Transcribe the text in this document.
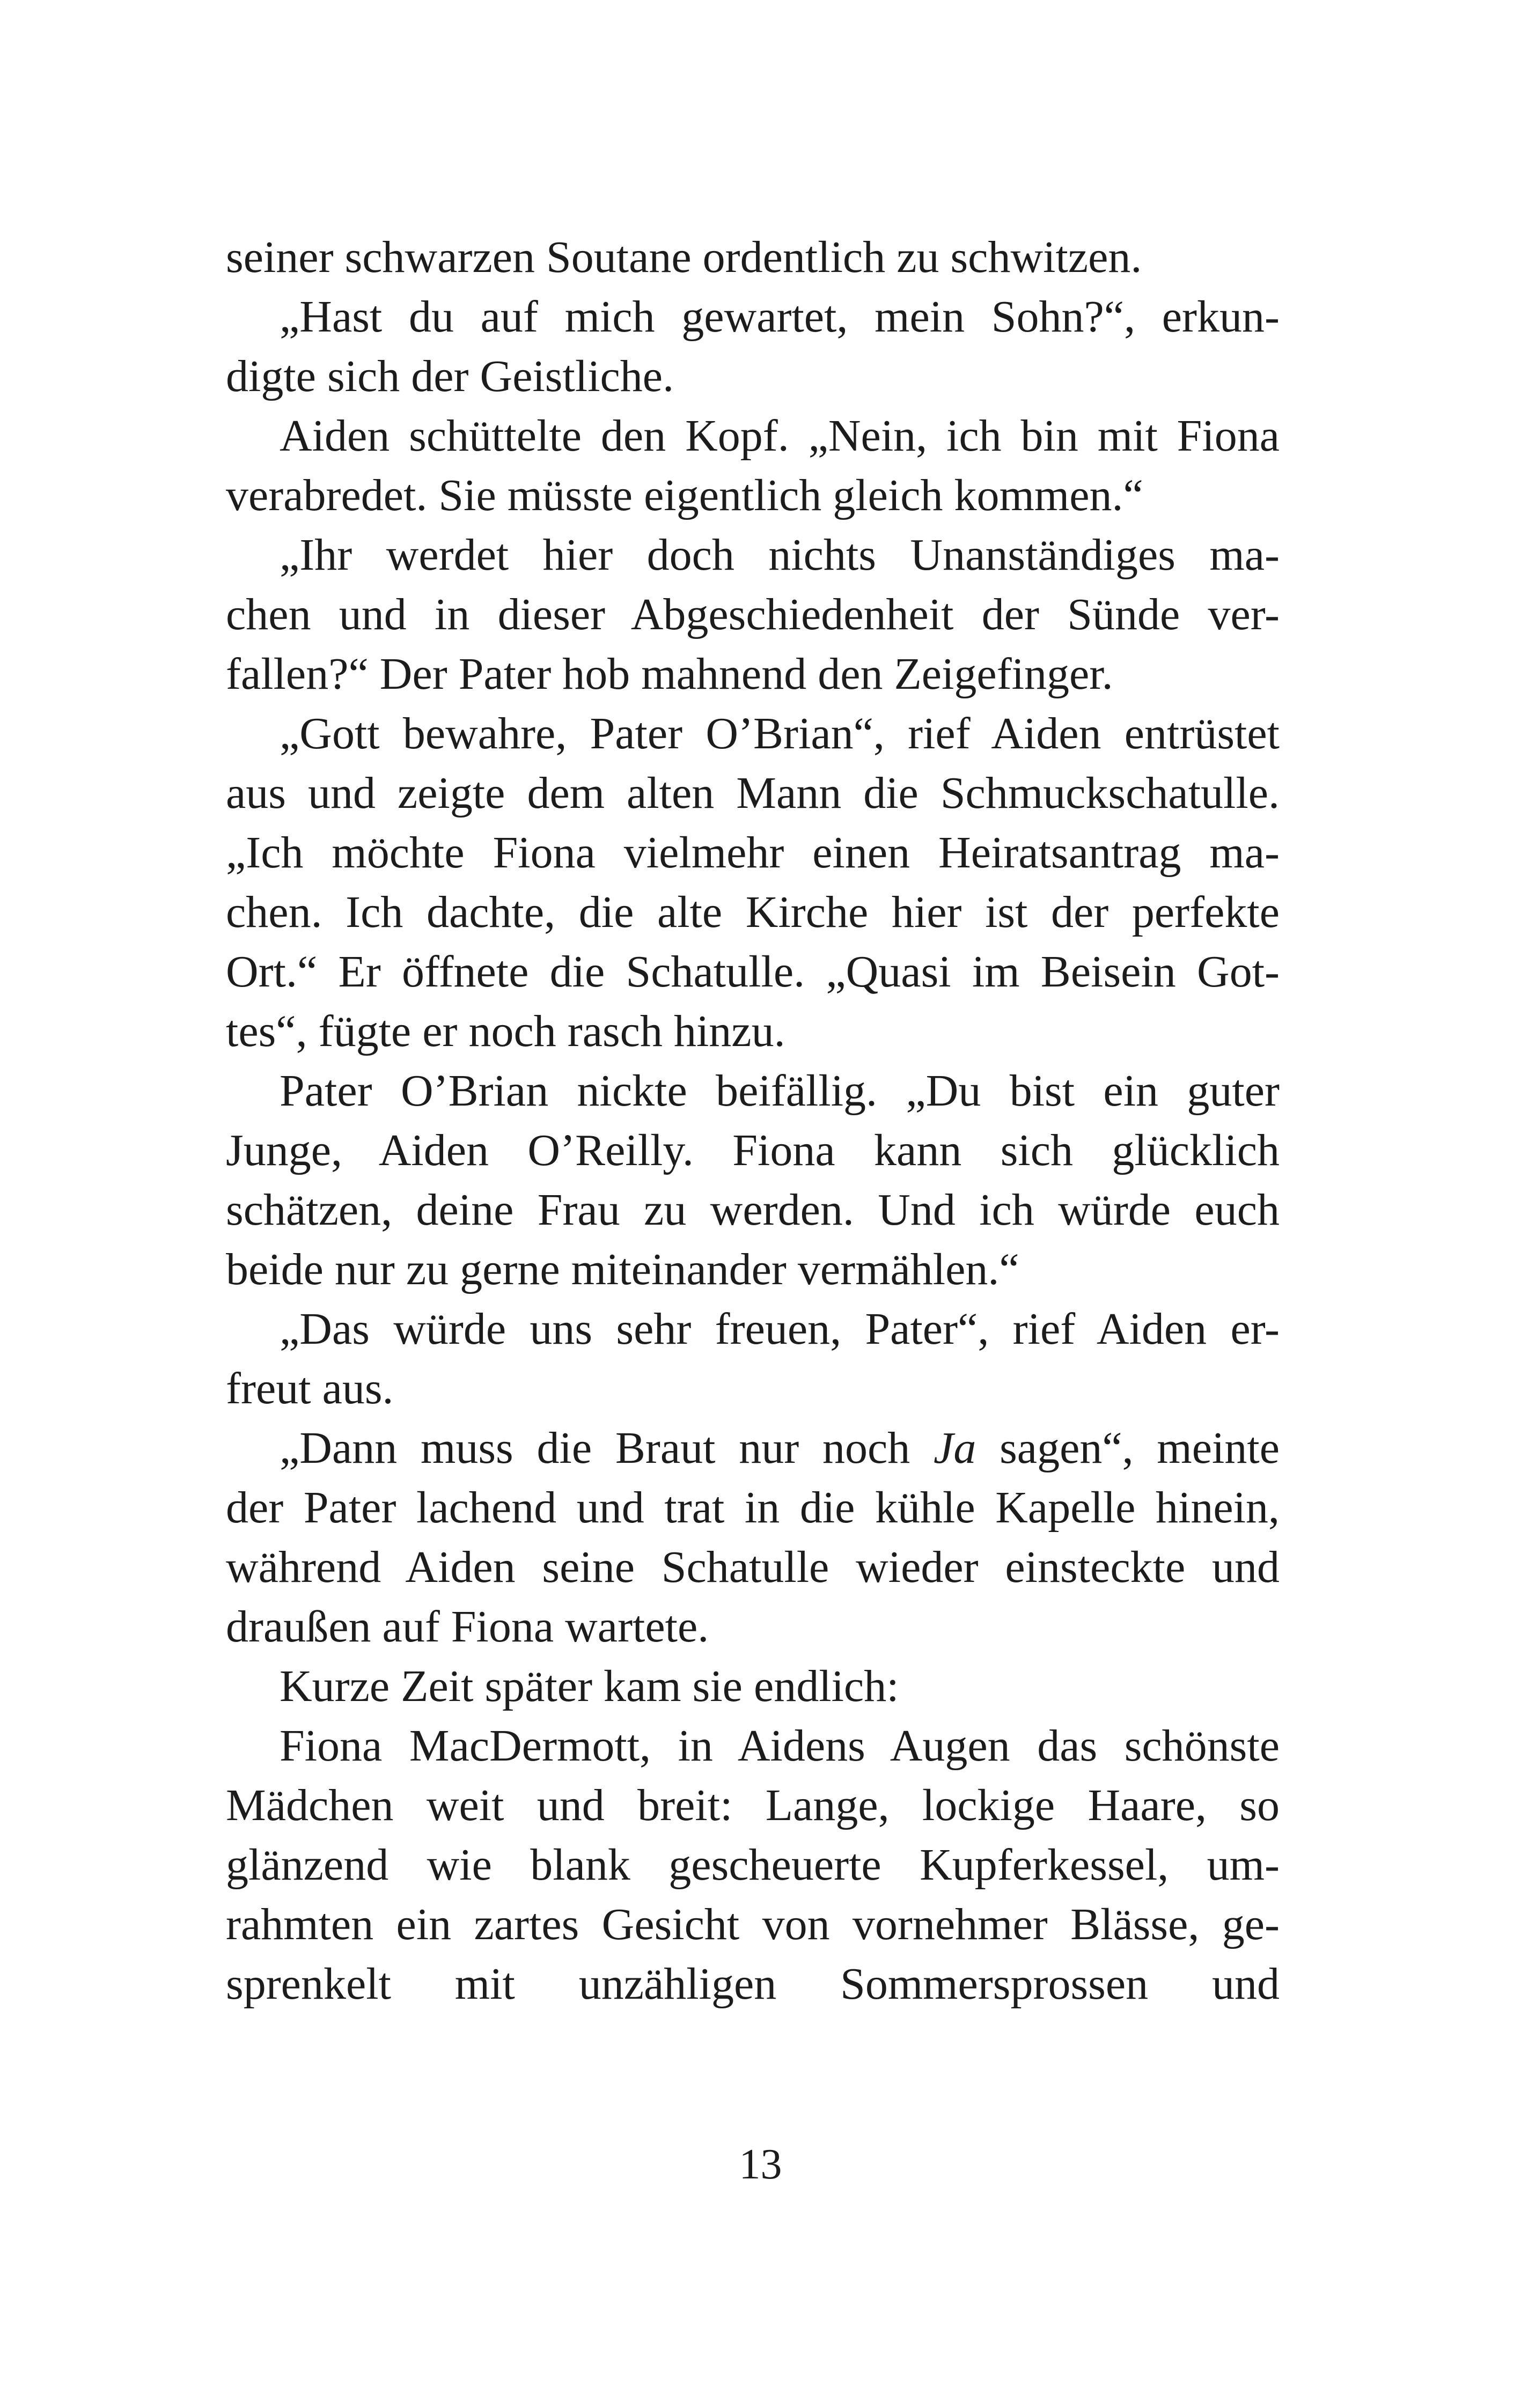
seiner schwarzen Soutane ordentlich zu schwitzen.
„Hast du auf mich gewartet, mein Sohn?“, erkun-
digte sich der Geistliche.
Aiden schüttelte den Kopf. „Nein, ich bin mit Fiona
verabredet. Sie müsste eigentlich gleich kommen.“
„Ihr werdet hier doch nichts Unanständiges ma-
chen und in dieser Abgeschiedenheit der Sünde ver-
fallen?“ Der Pater hob mahnend den Zeigefinger.
„Gott bewahre, Pater O’Brian“, rief Aiden entrüstet
aus und zeigte dem alten Mann die Schmuckschatulle.
„Ich möchte Fiona vielmehr einen Heiratsantrag ma-
chen. Ich dachte, die alte Kirche hier ist der perfekte
Ort.“ Er öffnete die Schatulle. „Quasi im Beisein Got-
tes“, fügte er noch rasch hinzu.
Pater O’Brian nickte beifällig. „Du bist ein guter
Junge, Aiden O’Reilly. Fiona kann sich glücklich
schätzen, deine Frau zu werden. Und ich würde euch
beide nur zu gerne miteinander vermählen.“
„Das würde uns sehr freuen, Pater“, rief Aiden er-
freut aus.
„Dann muss die Braut nur noch Ja sagen“, meinte
der Pater lachend und trat in die kühle Kapelle hinein,
während Aiden seine Schatulle wieder einsteckte und
draußen auf Fiona wartete.
Kurze Zeit später kam sie endlich:
Fiona MacDermott, in Aidens Augen das schönste
Mädchen weit und breit: Lange, lockige Haare, so
glänzend wie blank gescheuerte Kupferkessel, um-
rahmten ein zartes Gesicht von vornehmer Blässe, ge-
sprenkelt mit unzähligen Sommersprossen und
13
